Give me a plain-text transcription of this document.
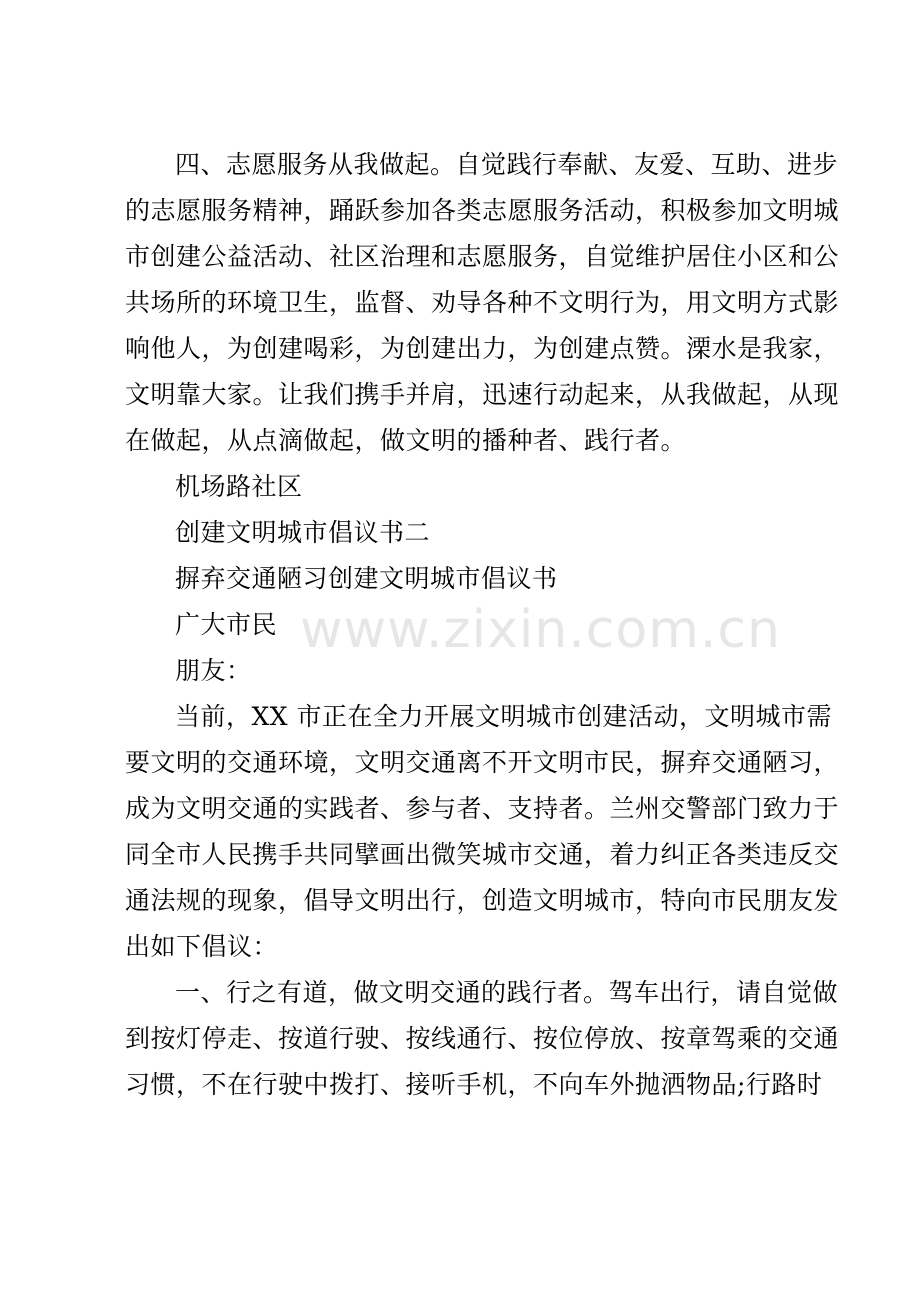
四、志愿服务从我做起。自觉践行奉献、友爱、互助、进步
的志愿服务精神，踊跃参加各类志愿服务活动，积极参加文明城
市创建公益活动、社区治理和志愿服务，自觉维护居住小区和公
共场所的环境卫生，监督、劝导各种不文明行为，用文明方式影
响他人，为创建喝彩，为创建出力，为创建点赞。溧水是我家，
文明靠大家。让我们携手并肩，迅速行动起来，从我做起，从现
在做起，从点滴做起，做文明的播种者、践行者。
机场路社区
创建文明城市倡议书二
摒弃交通陋习创建文明城市倡议书
广大市民
朋友：
当前，XX 市正在全力开展文明城市创建活动，文明城市需
要文明的交通环境，文明交通离不开文明市民，摒弃交通陋习，
成为文明交通的实践者、参与者、支持者。兰州交警部门致力于
同全市人民携手共同擘画出微笑城市交通，着力纠正各类违反交
通法规的现象，倡导文明出行，创造文明城市，特向市民朋友发
出如下倡议：
一、行之有道，做文明交通的践行者。驾车出行，请自觉做
到按灯停走、按道行驶、按线通行、按位停放、按章驾乘的交通
习惯，不在行驶中拨打、接听手机，不向车外抛洒物品;行路时
www.zixin.com.cn
